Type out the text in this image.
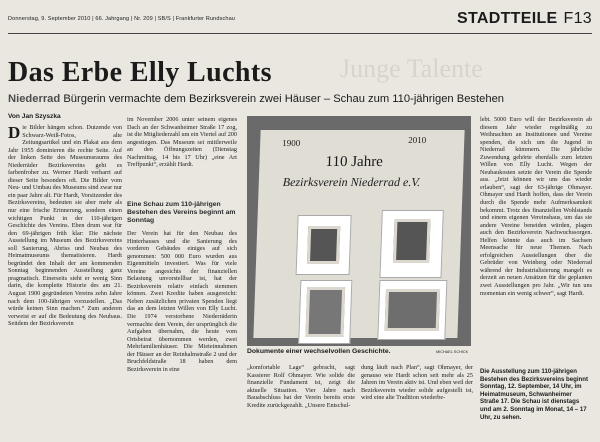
Donnerstag, 9. September 2010 | 66. Jahrgang | Nr. 209 | SB/S | Frankfurter Rundschau	STADTTEILE F13
Junge Talente
Das Erbe Elly Luchts
Niederrad Bürgerin vermachte dem Bezirksverein zwei Häuser – Schau zum 110-jährigen Bestehen
Von Jan Szyszka
Die Bilder hängen schon. Dutzende von Schwarz-Weiß-Fotos, alte Zeitungsartikel und ein Plakat aus dem Jahr 1955 dominieren die rechte Seite. Auf der linken Seite des Museumsraums des Niederräder Bezirksvereins geht es farbenfroher zu. Werner Hardt verharrt auf dieser Seite besonders oft. Die Bilder vom Neu- und Umbau des Museums sind zwar nur ein paar Jahre alt. Für Hardt, Vorsitzender des Bezirksvereins, bedeuten sie aber mehr als nur eine frische Erinnerung, sondern einen wichtigen Punkt in der 110-jährigen Geschichte des Vereins. Eben drum war für den 69-jährigen früh klar: Die nächste Ausstellung im Museum des Bezirksvereins soll Sanierung, Abriss und Neubau des Heimatmuseums thematisieren. Hardt begründet den Inhalt der am kommenden Sonntag beginnenden Ausstellung ganz pragmatisch. Einerseits sieht er wenig Sinn darin, die komplette Historie des am 21. August 1900 gegründeten Vereins zehn Jahre nach dem 100-Jährigen vorzustellen. „Das würde keinen Sinn machen.“ Zum anderen verweist er auf die Bedeutung des Neubaus. Seitdem der Bezirksverein
im November 2006 unter seinem eigenes Dach an der Schwanheimer Straße 17 zog, ist die Mitgliederzahl um ein Viertel auf 200 angestiegen. Das Museum sei mittlerweile an den Öffnungszeiten (Dienstag Nachmittag, 14 bis 17 Uhr) „eine Art Treffpunkt“, erzählt Hardt.
Eine Schau zum 110-jährigen Bestehen des Vereins beginnt am Sonntag
Der Verein hat für den Neubau des Hinterhauses und die Sanierung des vorderen Gebäudes einiges auf sich genommen: 500 000 Euro wurden aus Eigenmitteln investiert. Was für viele Vereine angesichts der finanziellen Belastung unvorstellbar ist, hat der Bezirksverein relativ einfach stemmen können. Zwei Kredite haben ausgereicht: Neben zusätzlichen privaten Spenden liegt das an dem letzten Willen von Elly Lucht. Die 1974 verstorbene Niederräderin vermachte dem Verein, der ursprünglich die Aufgaben übernahm, die heute vom Ortsbeirat übernommen werden, zwei Mehrfamilienhäuser. Die Mieteinnahmen der Häuser an der Reinhalmstraße 2 und der Bruchfeldstraße 18 haben dem Bezirksverein in eine
1900	2010
110 Jahre
Bezirksverein Niederrad e.V.
Dokumente einer wechselvollen Geschichte.	MICHAEL SCHICK
„komfortable Lage“ gebracht, sagt Kassierer Rolf Ohmayer. Wie solide die finanzielle Fundament ist, zeigt die aktuelle Situation. Vier Jahre nach Bauabschluss hat der Verein bereits erste Kredite zurückgezahlt. „Unsere Entschul-
dung läuft nach Plan“, sagt Ohmayer, der genauso wie Hardt schon seit mehr als 25 Jahren im Verein aktiv ist. Und eben weil der Bezirksverein wieder solide aufgestellt ist, wird eine alte Tradition wiederbe-
lebt. 5000 Euro will der Bezirksverein ab diesem Jahr wieder regelmäßig zu Weihnachten an Institutionen und Vereine spenden, die sich um die Jugend in Niederrad kümmern. Die jährliche Zuwendung gehörte ebenfalls zum letzten Willen von Elly Lucht. Wegen der Neubaukosten setzte der Verein die Spende aus. „Jetzt können wir uns das wieder erlauben“, sagt der 63-jährige Ohmayer. Ohmayer und Hardt hoffen, dass der Verein durch die Spende mehr Aufmerksamkeit bekommt. Trotz des finanziellen Wohlstands und einem eigenen Vereinshaus, um das sie andere Vereine beneiden würden, plagen auch den Bezirksverein Nachwuchssorgen. Helfen könnte das auch im Sachsen Meensache für neue Themen. Nach erfolgreichen Ausstellungen über die Gebrüder von Weinberg oder Niederrad während der Industrialisierung mangelt es derzeit an neuen Ansätzen für die geplanten zwei Ausstellungen pro Jahr. „Wir tun uns momentan ein wenig schwer“, sagt Hardt.
Die Ausstellung zum 110-jährigen Bestehen des Bezirksvereins beginnt Sonntag, 12. September, 14 Uhr, im Heimatmuseum, Schwanheimer Straße 17. Die Schau ist dienstags und am 2. Sonntag im Monat, 14 – 17 Uhr, zu sehen.
